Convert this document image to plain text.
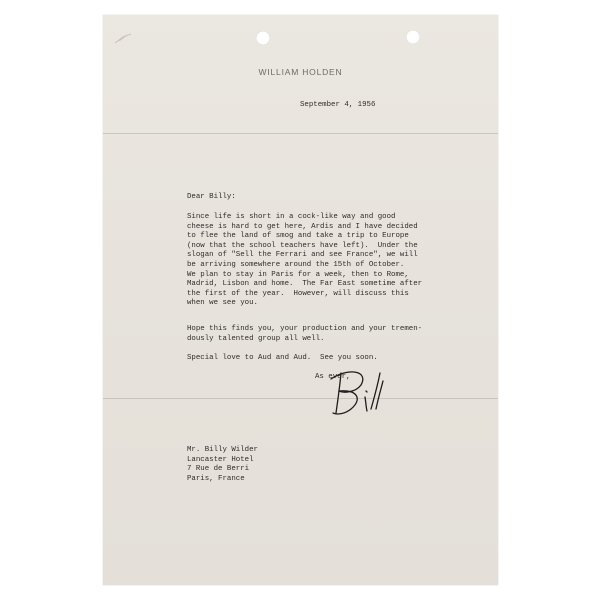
WILLIAM HOLDEN

September 4, 1956

Dear Billy:

Since life is short in a cock-like way and good
cheese is hard to get here, Ardis and I have decided
to flee the land of smog and take a trip to Europe
(now that the school teachers have left).  Under the
slogan of "Sell the Ferrari and see France", we will
be arriving somewhere around the 15th of October.
We plan to stay in Paris for a week, then to Rome,
Madrid, Lisbon and home.  The Far East sometime after
the first of the year.  However, will discuss this
when we see you.

Hope this finds you, your production and your tremen-
dously talented group all well.

Special love to Aud and Aud.  See you soon.

As ever,

Mr. Billy Wilder
Lancaster Hotel
7 Rue de Berri
Paris, France
